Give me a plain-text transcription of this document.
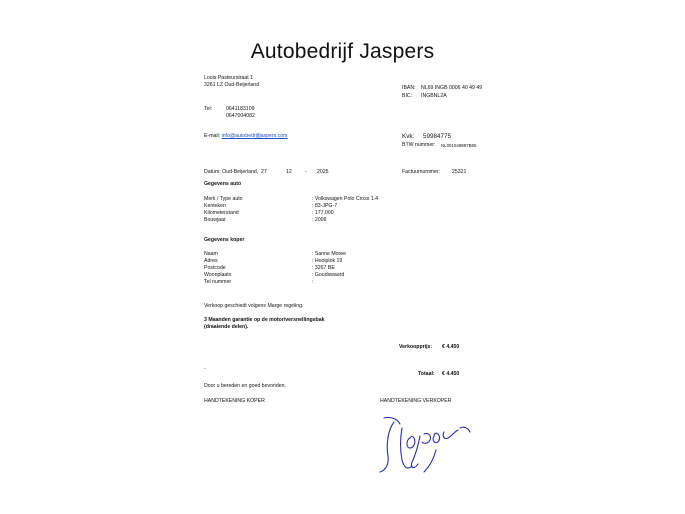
Autobedrijf Jaspers
Louis Pasteurstraat 1
3261 LZ Oud-Beijerland
Tel:	0641183109
0647004082
E-mail: info@autobedrijfjaspers.com
IBAN: NL69 INGB 0006 40 49 49
BIC: INGBNL2A
Kvk: 59984775
BTW nummer: NL001549897B85
Datum: Oud-Beijerland, 27	12	- 2025	Factuurnummer: 25321
Gegevens auto
Merk / Type auto	: Volkswagen Polo Cross 1.4
Kenteken	: 83-JPG-7
Kilometerstand	: 177.000
Bouwjaar	: 2009
Gegevens koper
Naam	: Sanne Moree
Adres	: Hooiplok 19
Postcode	: 3267 BE
Woonplaats	: Goudswaard
Tel nummer	:
Verkoop geschiedt volgens Marge regeling.
3 Maanden garantie op de motor/versnellingsbak
(draaiende delen).
Verkoopprijs: € 4.450
-
Totaal: € 4.450
Door u bereden en goed bevonden.
HANDTEKENING KOPER	HANDTEKENING VERKOPER
